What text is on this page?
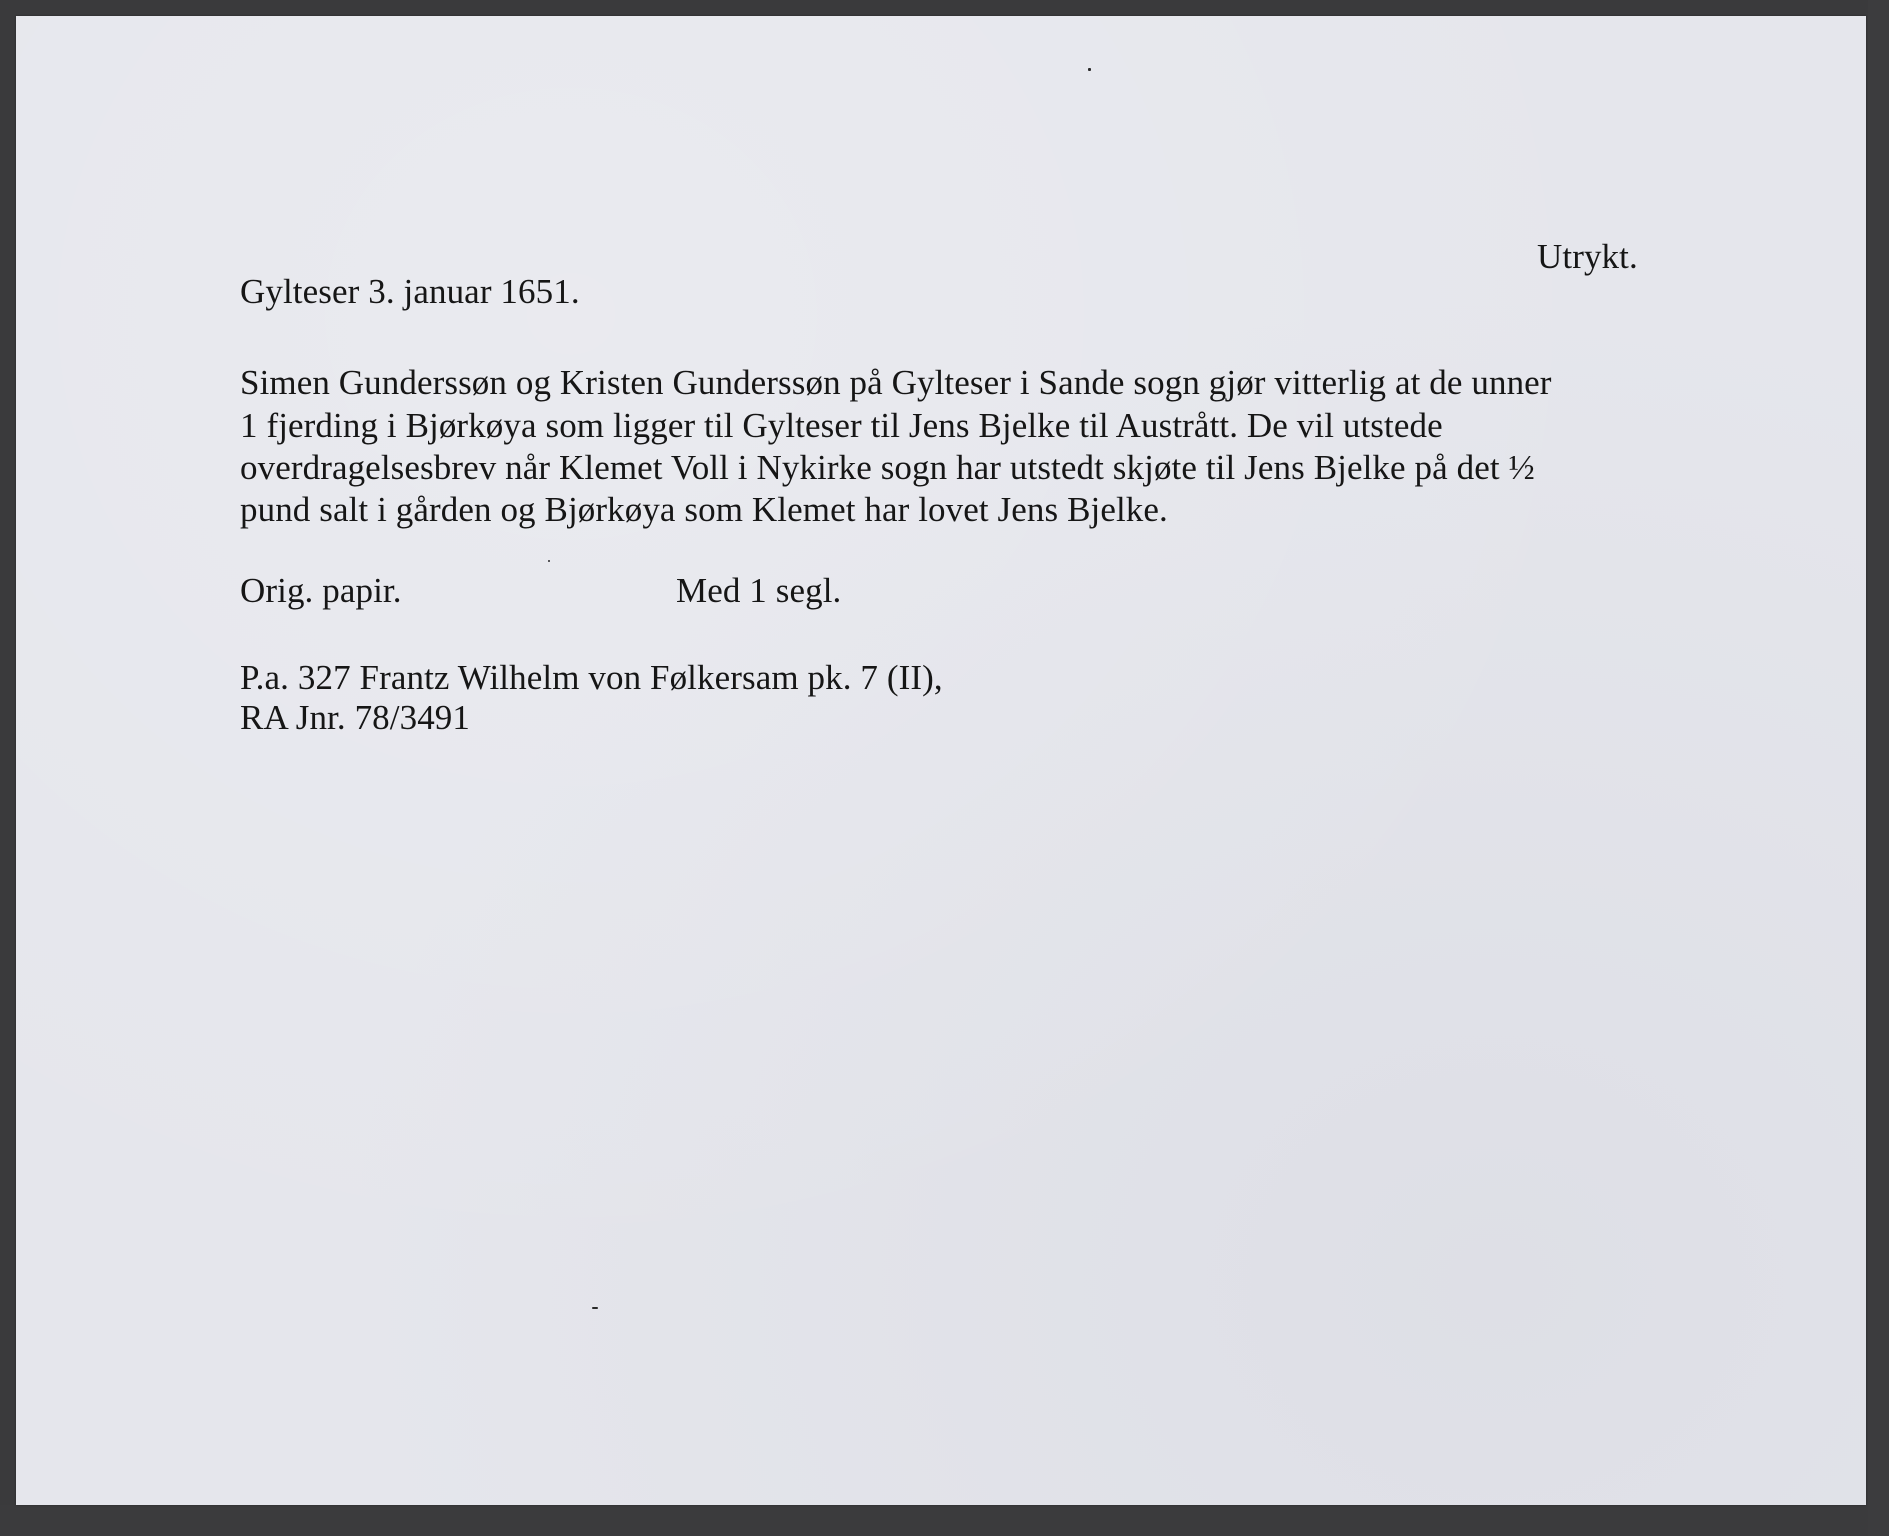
Utrykt.
Gylteser 3. januar 1651.
Simen Gunderssøn og Kristen Gunderssøn på Gylteser i Sande sogn gjør vitterlig at de unner
1 fjerding i Bjørkøya som ligger til Gylteser til Jens Bjelke til Austrått. De vil utstede
overdragelsesbrev når Klemet Voll i Nykirke sogn har utstedt skjøte til Jens Bjelke på det ½
pund salt i gården og Bjørkøya som Klemet har lovet Jens Bjelke.
Orig. papir.	Med 1 segl.
P.a. 327 Frantz Wilhelm von Følkersam pk. 7 (II),
RA Jnr. 78/3491
